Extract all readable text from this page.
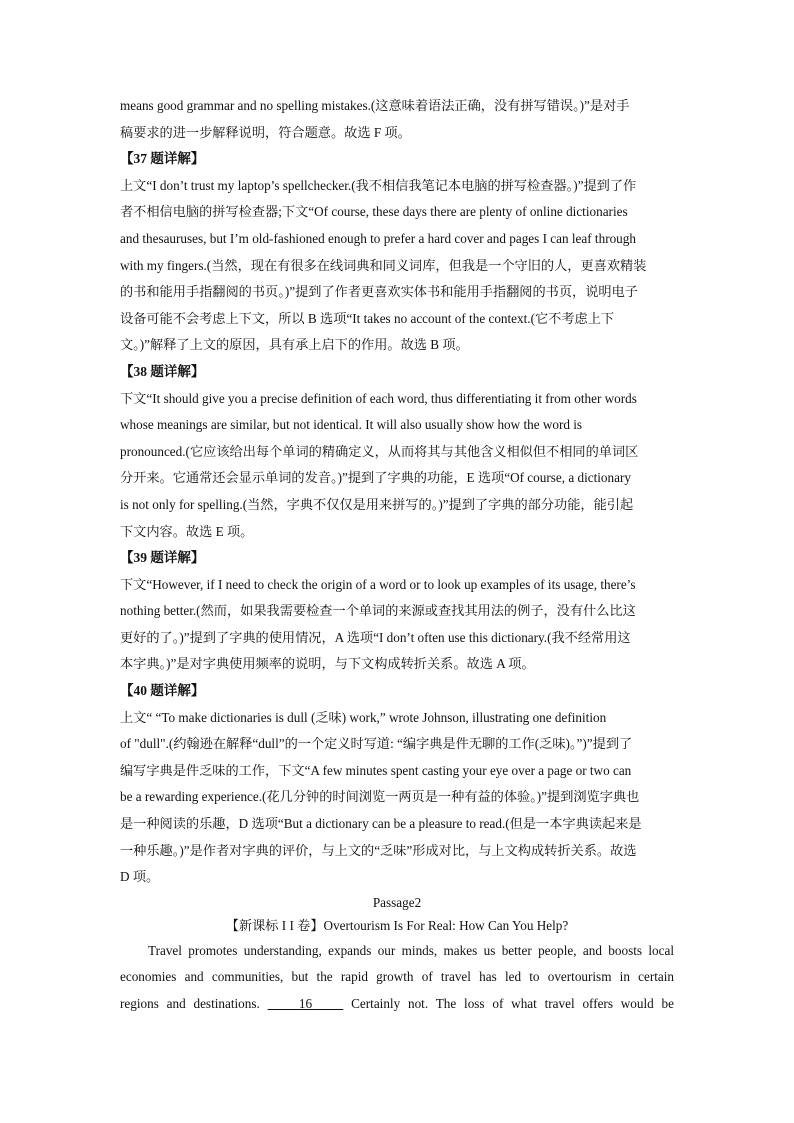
means good grammar and no spelling mistakes.(这意味着语法正确，没有拼写错误。)”是对手
稿要求的进一步解释说明，符合题意。故选 F 项。
【37 题详解】
上文“I don’t trust my laptop’s spellchecker.(我不相信我笔记本电脑的拼写检查器。)”提到了作
者不相信电脑的拼写检查器;下文“Of course, these days there are plenty of online dictionaries
and thesauruses, but I’m old-fashioned enough to prefer a hard cover and pages I can leaf through
with my fingers.(当然，现在有很多在线词典和同义词库，但我是一个守旧的人，更喜欢精装
的书和能用手指翻阅的书页。)”提到了作者更喜欢实体书和能用手指翻阅的书页，说明电子
设备可能不会考虑上下文，所以 B 选项“It takes no account of the context.(它不考虑上下
文。)”解释了上文的原因，具有承上启下的作用。故选 B 项。
【38 题详解】
下文“It should give you a precise definition of each word, thus differentiating it from other words
whose meanings are similar, but not identical. It will also usually show how the word is
pronounced.(它应该给出每个单词的精确定义，从而将其与其他含义相似但不相同的单词区
分开来。它通常还会显示单词的发音。)”提到了字典的功能，E 选项“Of course, a dictionary
is not only for spelling.(当然，字典不仅仅是用来拼写的。)”提到了字典的部分功能，能引起
下文内容。故选 E 项。
【39 题详解】
下文“However, if I need to check the origin of a word or to look up examples of its usage, there’s
nothing better.(然而，如果我需要检查一个单词的来源或查找其用法的例子，没有什么比这
更好的了。)”提到了字典的使用情况，A 选项“I don’t often use this dictionary.(我不经常用这
本字典。)”是对字典使用频率的说明，与下文构成转折关系。故选 A 项。
【40 题详解】
上文“ “To make dictionaries is dull (乏味) work,” wrote Johnson, illustrating one definition
of "dull".(约翰逊在解释“dull”的一个定义时写道: “编字典是件无聊的工作(乏味)。”)”提到了
编写字典是件乏味的工作，下文“A few minutes spent casting your eye over a page or two can
be a rewarding experience.(花几分钟的时间浏览一两页是一种有益的体验。)”提到浏览字典也
是一种阅读的乐趣，D 选项“But a dictionary can be a pleasure to read.(但是一本字典读起来是
一种乐趣。)”是作者对字典的评价，与上文的“乏味”形成对比，与上文构成转折关系。故选
D 项。
Passage2
【新课标 I I 卷】Overtourism Is For Real: How Can You Help?
Travel promotes understanding, expands our minds, makes us better people, and boosts local
economies and communities, but the rapid growth of travel has led to overtourism in certain
regions and destinations.	16	Certainly not. The loss of what travel offers would be
